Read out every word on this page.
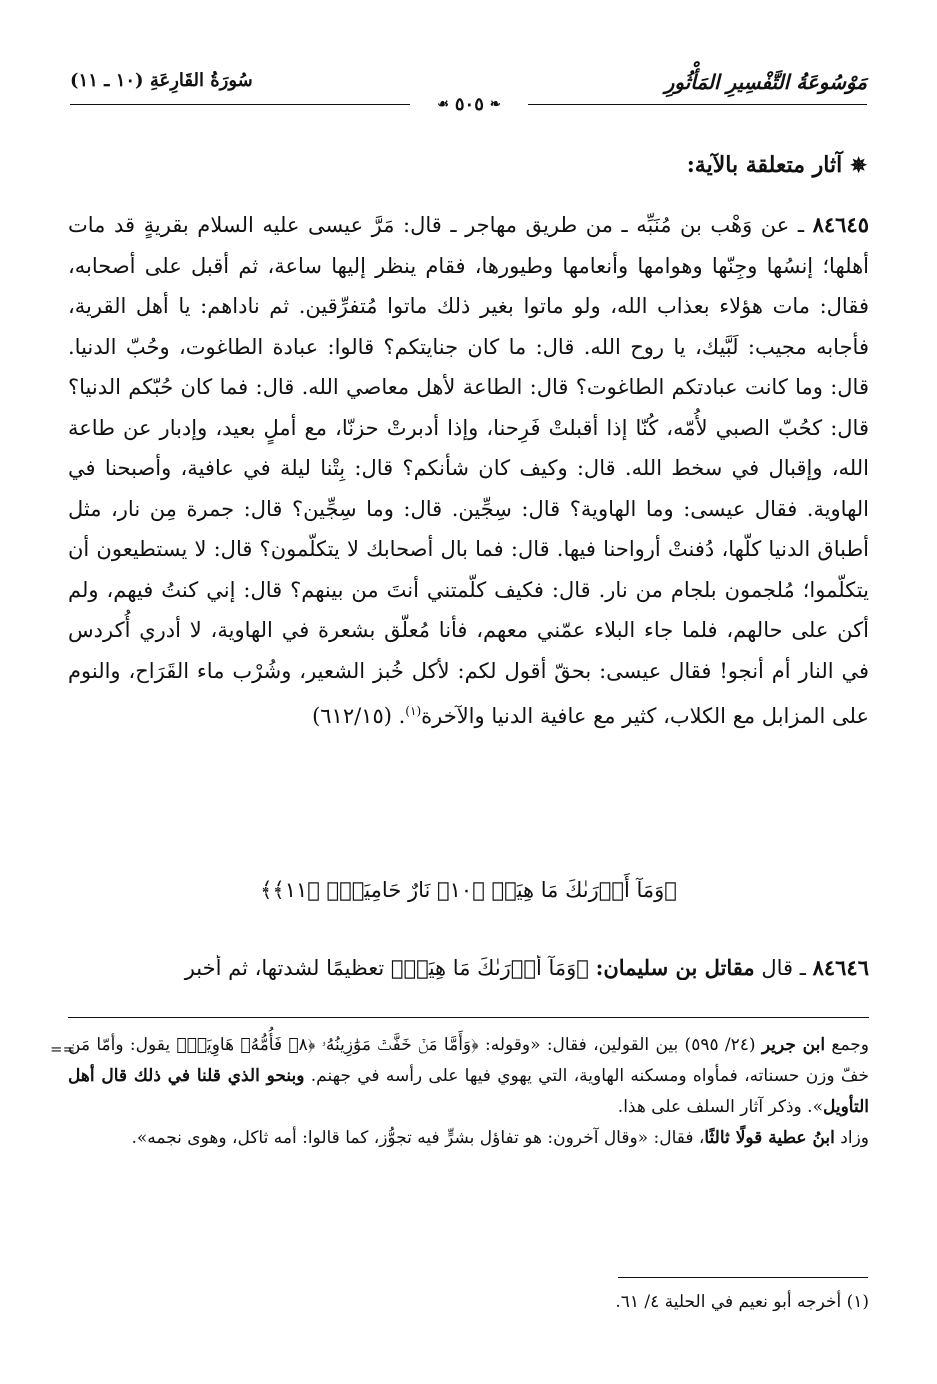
مَوْسُوعَةُ التَّفْسِيرِ المَأْثُورِ
سُورَةُ القَارِعَةِ (١٠ ـ ١١)
❧
٥٠٥
☙
✵
آثار متعلقة بالآية:

٨٤٦٤٥ ـ عن وَهْب بن مُنَبِّه ـ من طريق مهاجر ـ قال: مَرَّ عيسى عليه السلام بقريةٍ قد مات أهلها؛ إنسُها وجِنّها وهوامها وأنعامها وطيورها، فقام ينظر إليها ساعة، ثم أقبل على أصحابه، فقال: مات هؤلاء بعذاب الله، ولو ماتوا بغير ذلك ماتوا مُتفرِّقين. ثم ناداهم: يا أهل القرية، فأجابه مجيب: لَبَّيك، يا روح الله. قال: ما كان جنايتكم؟ قالوا: عبادة الطاغوت، وحُبّ الدنيا. قال: وما كانت عبادتكم الطاغوت؟ قال: الطاعة لأهل معاصي الله. قال: فما كان حُبّكم الدنيا؟ قال: كحُبّ الصبي لأُمّه، كُنّا إذا أقبلتْ فَرِحنا، وإذا أدبرتْ حزنّا، مع أملٍ بعيد، وإدبار عن طاعة الله، وإقبال في سخط الله. قال: وكيف كان شأنكم؟ قال: بِتْنا ليلة في عافية، وأصبحنا في الهاوية. فقال عيسى: وما الهاوية؟ قال: سِجِّين. قال: وما سِجِّين؟ قال: جمرة مِن نار، مثل أطباق الدنيا كلّها، دُفنتْ أرواحنا فيها. قال: فما بال أصحابك لا يتكلّمون؟ قال: لا يستطيعون أن يتكلّموا؛ مُلجمون بلجام من نار. قال: فكيف كلّمتني أنتَ من بينهم؟ قال: إني كنتُ فيهم، ولم أكن على حالهم، فلما جاء البلاء عمّني معهم، فأنا مُعلّق بشعرة في الهاوية، لا أدري أُكردس في النار أم أنجو! فقال عيسى: بحقّ أقول لكم: لأكل خُبز الشعير، وشُرْب ماء القَرَاح، والنوم على المزابل مع الكلاب، كثير مع عافية الدنيا والآخرة$^{(١)}$. (٦١٢/١٥)

﴿وَمَآ أَدۡرَىٰكَ مَا هِيَهۡ ﴿١٠﴾ نَارٌ حَامِيَةُۢ ﴿١١﴾﴾
٨٤٦٤٦ ـ قال مقاتل بن سليمان: ﴿وَمَآ أَدۡرَىٰكَ مَا هِيَهۡ﴾ تعظيمًا لشدتها، ثم أخبر
==	وجمع ابن جرير (٢٤/ ٥٩٥) بين القولين، فقال: «وقوله: ﴿وَأَمَّا مَنۡ خَفَّتۡ مَوَٰزِينُهُۥ ﴿٨﴾ فَأُمُّهُۥ هَاوِيَةٞ﴾ يقول: وأمّا مَن خفّ وزن حسناته، فمأواه ومسكنه الهاوية، التي يهوي فيها على رأسه في جهنم. وبنحو الذي قلنا في ذلك قال أهل التأويل». وذكر آثار السلف على هذا.

وزاد ابنُ عطية قولًا ثالثًا، فقال: «وقال آخرون: هو تفاؤل بشرٍّ فيه تجوُّز، كما قالوا: أمه ثاكل، وهوى نجمه».

(١) أخرجه أبو نعيم في الحلية ٤/ ٦١.
